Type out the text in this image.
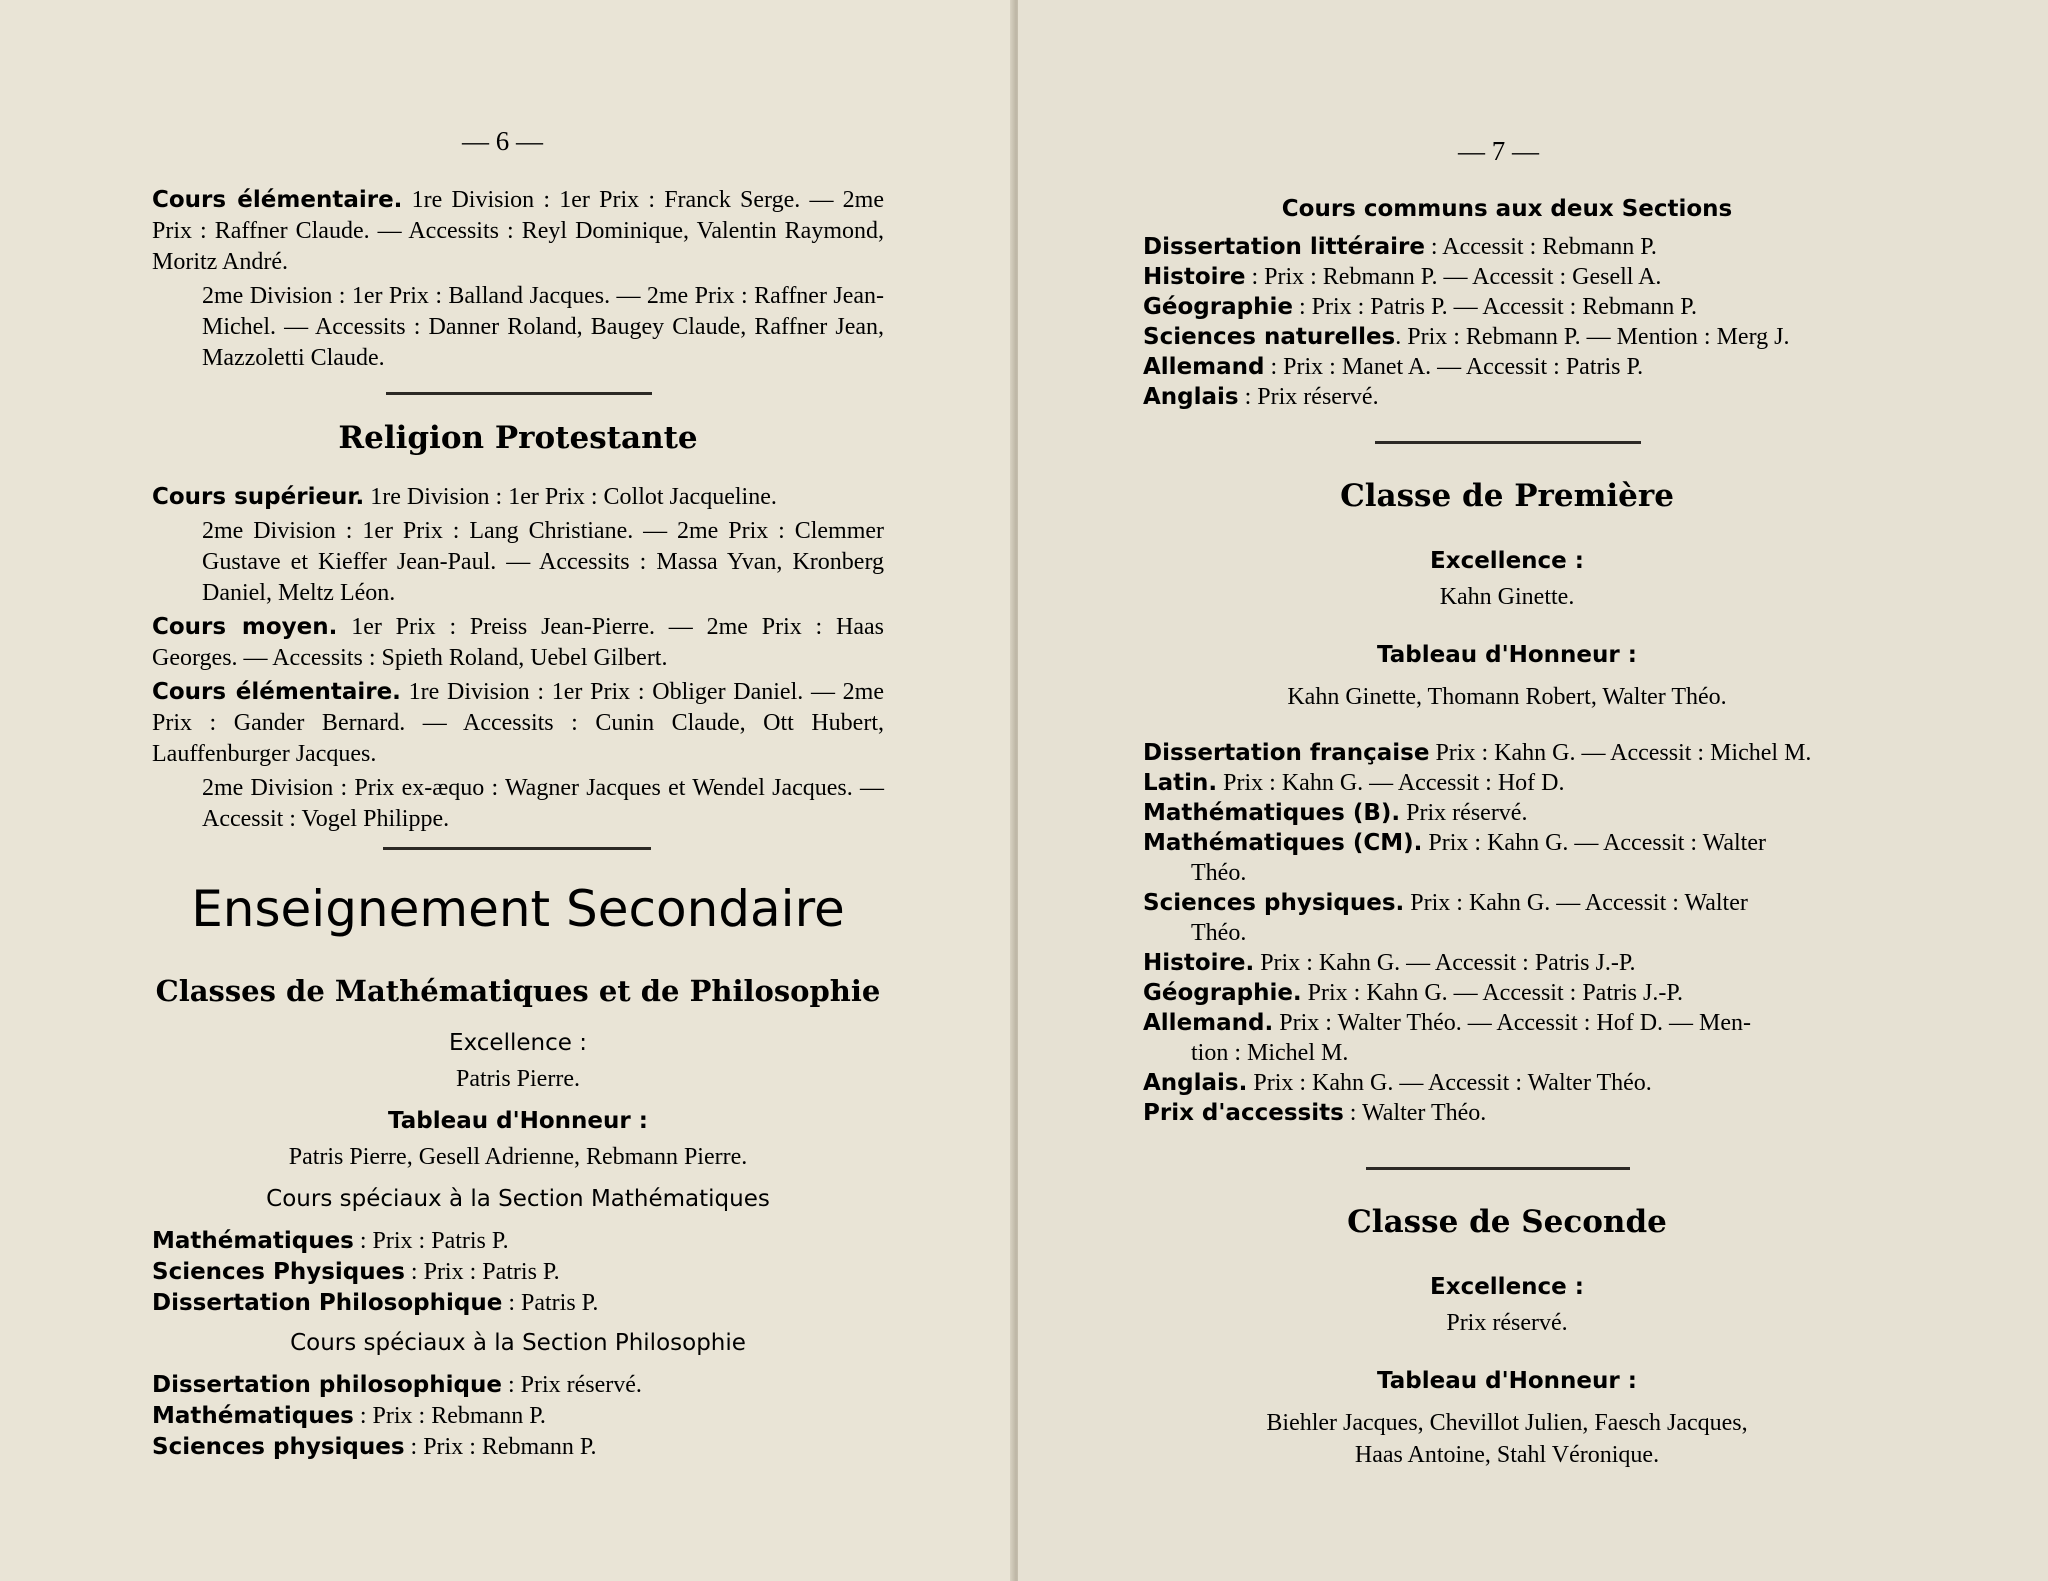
— 6 —

Cours élémentaire. 1re Division : 1er Prix : Franck Serge. — 2me Prix : Raffner Claude. — Accessits : Reyl Dominique, Valentin Raymond, Moritz André.

2me Division : 1er Prix : Balland Jacques. — 2me Prix : Raffner Jean-Michel. — Accessits : Danner Roland, Baugey Claude, Raffner Jean, Mazzoletti Claude.

Religion Protestante

Cours supérieur. 1re Division : 1er Prix : Collot Jacqueline.

2me Division : 1er Prix : Lang Christiane. — 2me Prix : Clemmer Gustave et Kieffer Jean-Paul. — Accessits : Massa Yvan, Kronberg Daniel, Meltz Léon.

Cours moyen. 1er Prix : Preiss Jean-Pierre. — 2me Prix : Haas Georges. — Accessits : Spieth Roland, Uebel Gilbert.

Cours élémentaire. 1re Division : 1er Prix : Obliger Daniel. — 2me Prix : Gander Bernard. — Accessits : Cunin Claude, Ott Hubert, Lauffenburger Jacques.

2me Division : Prix ex-æquo : Wagner Jacques et Wendel Jacques. — Accessit : Vogel Philippe.

Enseignement Secondaire
Classes de Mathématiques et de Philosophie
Excellence :
Patris Pierre.
Tableau d'Honneur :
Patris Pierre, Gesell Adrienne, Rebmann Pierre.
Cours spéciaux à la Section Mathématiques

Mathématiques : Prix : Patris P.

Sciences Physiques : Prix : Patris P.

Dissertation Philosophique : Patris P.

Cours spéciaux à la Section Philosophie

Dissertation philosophique : Prix réservé.

Mathématiques : Prix : Rebmann P.

Sciences physiques : Prix : Rebmann P.

— 7 —
Cours communs aux deux Sections

Dissertation littéraire : Accessit : Rebmann P.

Histoire : Prix : Rebmann P. — Accessit : Gesell A.

Géographie : Prix : Patris P. — Accessit : Rebmann P.

Sciences naturelles. Prix : Rebmann P. — Mention : Merg J.

Allemand : Prix : Manet A. — Accessit : Patris P.

Anglais : Prix réservé.

Classe de Première
Excellence :
Kahn Ginette.
Tableau d'Honneur :
Kahn Ginette, Thomann Robert, Walter Théo.

Dissertation française Prix : Kahn G. — Accessit : Michel M.

Latin. Prix : Kahn G. — Accessit : Hof D.

Mathématiques (B). Prix réservé.

Mathématiques (CM). Prix : Kahn G. — Accessit : Walter

Théo.

Sciences physiques. Prix : Kahn G. — Accessit : Walter

Théo.

Histoire. Prix : Kahn G. — Accessit : Patris J.-P.

Géographie. Prix : Kahn G. — Accessit : Patris J.-P.

Allemand. Prix : Walter Théo. — Accessit : Hof D. — Men-

tion : Michel M.

Anglais. Prix : Kahn G. — Accessit : Walter Théo.

Prix d'accessits : Walter Théo.

Classe de Seconde
Excellence :
Prix réservé.
Tableau d'Honneur :
Biehler Jacques, Chevillot Julien, Faesch Jacques,
Haas Antoine, Stahl Véronique.
